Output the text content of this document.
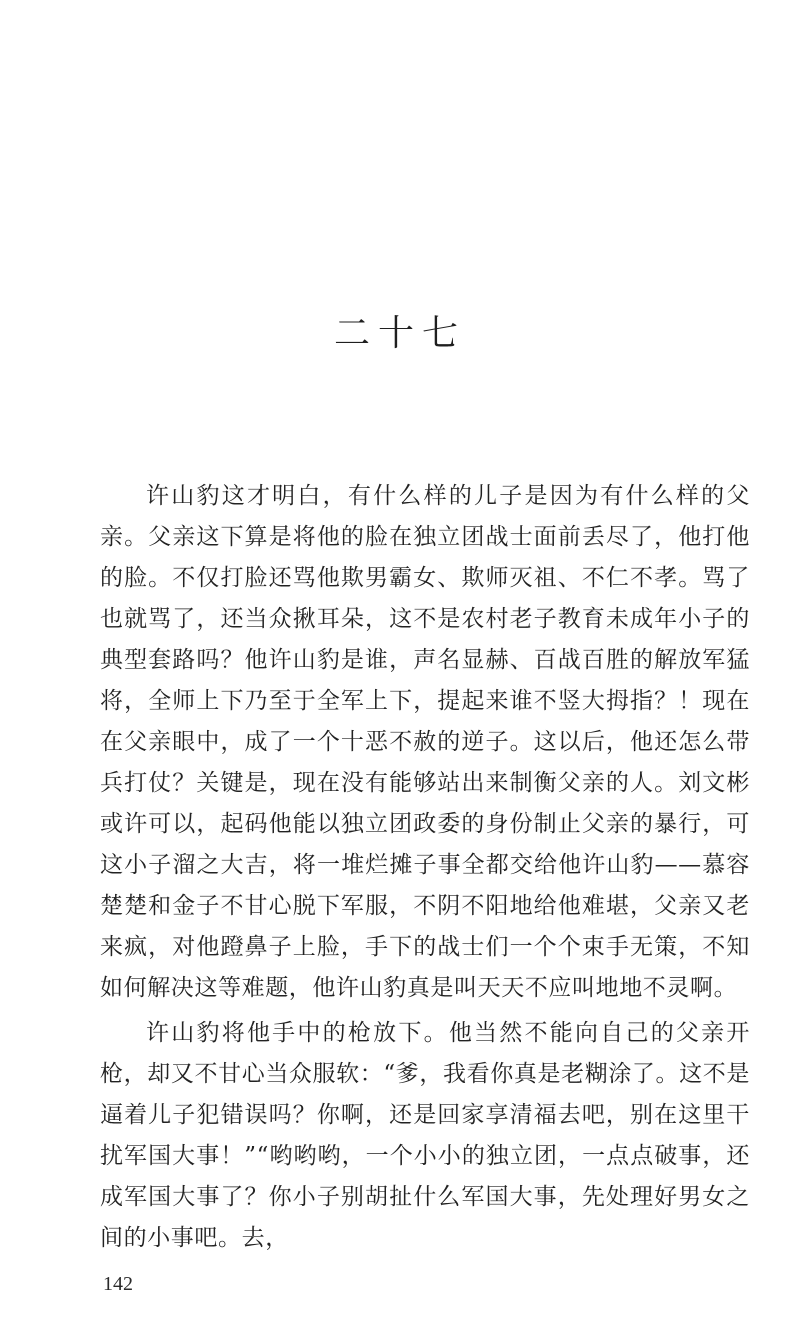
二十七

许山豹这才明白，有什么样的儿子是因为有什么样的父亲。父亲这下算是将他的脸在独立团战士面前丢尽了，他打他的脸。不仅打脸还骂他欺男霸女、欺师灭祖、不仁不孝。骂了也就骂了，还当众揪耳朵，这不是农村老子教育未成年小子的典型套路吗？他许山豹是谁，声名显赫、百战百胜的解放军猛将，全师上下乃至于全军上下，提起来谁不竖大拇指？！现在在父亲眼中，成了一个十恶不赦的逆子。这以后，他还怎么带兵打仗？关键是，现在没有能够站出来制衡父亲的人。刘文彬或许可以，起码他能以独立团政委的身份制止父亲的暴行，可这小子溜之大吉，将一堆烂摊子事全都交给他许山豹——慕容楚楚和金子不甘心脱下军服，不阴不阳地给他难堪，父亲又老来疯，对他蹬鼻子上脸，手下的战士们一个个束手无策，不知如何解决这等难题，他许山豹真是叫天天不应叫地地不灵啊。

许山豹将他手中的枪放下。他当然不能向自己的父亲开枪，却又不甘心当众服软：“爹，我看你真是老糊涂了。这不是逼着儿子犯错误吗？你啊，还是回家享清福去吧，别在这里干扰军国大事！”“哟哟哟，一个小小的独立团，一点点破事，还成军国大事了？你小子别胡扯什么军国大事，先处理好男女之间的小事吧。去，

142
